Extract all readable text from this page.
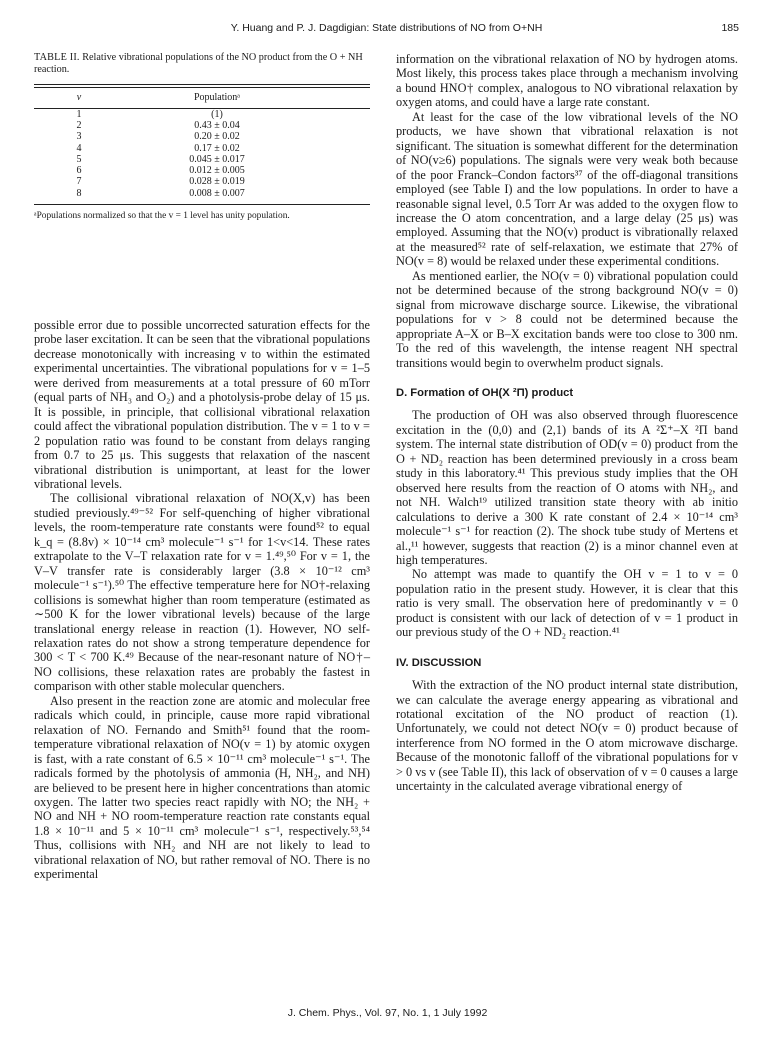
Y. Huang and P. J. Dagdigian: State distributions of NO from O+NH	185

TABLE II. Relative vibrational populations of the NO product from the O + NH reaction.

v	Populationᵃ
1	(1)
2	0.43 ± 0.04
3	0.20 ± 0.02
4	0.17 ± 0.02
5	0.045 ± 0.017
6	0.012 ± 0.005
7	0.028 ± 0.019
8	0.008 ± 0.007

ᵃPopulations normalized so that the v = 1 level has unity population.

possible error due to possible uncorrected saturation effects for the probe laser excitation. It can be seen that the vibrational populations decrease monotonically with increasing v to within the estimated experimental uncertainties. The vibrational populations for v = 1–5 were derived from measurements at a total pressure of 60 mTorr (equal parts of NH₃ and O₂) and a photolysis-probe delay of 15 μs. It is possible, in principle, that collisional vibrational relaxation could affect the vibrational population distribution. The v = 1 to v = 2 population ratio was found to be constant from delays ranging from 0.7 to 25 μs. This suggests that relaxation of the nascent vibrational distribution is unimportant, at least for the lower vibrational levels.

The collisional vibrational relaxation of NO(X,v) has been studied previously.⁴⁹⁻⁵² For self-quenching of higher vibrational levels, the room-temperature rate constants were found⁵² to equal k_q = (8.8v) × 10⁻¹⁴ cm³ molecule⁻¹ s⁻¹ for 1<v<14. These rates extrapolate to the V–T relaxation rate for v = 1.⁴⁹,⁵⁰ For v = 1, the V–V transfer rate is considerably larger (3.8 × 10⁻¹² cm³ molecule⁻¹ s⁻¹).⁵⁰ The effective temperature here for NO†-relaxing collisions is somewhat higher than room temperature (estimated as ∼500 K for the lower vibrational levels) because of the large translational energy release in reaction (1). However, NO self-relaxation rates do not show a strong temperature dependence for 300 < T < 700 K.⁴⁹ Because of the near-resonant nature of NO†–NO collisions, these relaxation rates are probably the fastest in comparison with other stable molecular quenchers.

Also present in the reaction zone are atomic and molecular free radicals which could, in principle, cause more rapid vibrational relaxation of NO. Fernando and Smith⁵¹ found that the room-temperature vibrational relaxation of NO(v = 1) by atomic oxygen is fast, with a rate constant of 6.5 × 10⁻¹¹ cm³ molecule⁻¹ s⁻¹. The radicals formed by the photolysis of ammonia (H, NH₂, and NH) are believed to be present here in higher concentrations than atomic oxygen. The latter two species react rapidly with NO; the NH₂ + NO and NH + NO room-temperature reaction rate constants equal 1.8 × 10⁻¹¹ and 5 × 10⁻¹¹ cm³ molecule⁻¹ s⁻¹, respectively.⁵³,⁵⁴ Thus, collisions with NH₂ and NH are not likely to lead to vibrational relaxation of NO, but rather removal of NO. There is no experimental

information on the vibrational relaxation of NO by hydrogen atoms. Most likely, this process takes place through a mechanism involving a bound HNO† complex, analogous to NO vibrational relaxation by oxygen atoms, and could have a large rate constant.

At least for the case of the low vibrational levels of the NO products, we have shown that vibrational relaxation is not significant. The situation is somewhat different for the determination of NO(v≥6) populations. The signals were very weak both because of the poor Franck–Condon factors³⁷ of the off-diagonal transitions employed (see Table I) and the low populations. In order to have a reasonable signal level, 0.5 Torr Ar was added to the oxygen flow to increase the O atom concentration, and a large delay (25 μs) was employed. Assuming that the NO(v) product is vibrationally relaxed at the measured⁵² rate of self-relaxation, we estimate that 27% of NO(v = 8) would be relaxed under these experimental conditions.

As mentioned earlier, the NO(v = 0) vibrational population could not be determined because of the strong background NO(v = 0) signal from microwave discharge source. Likewise, the vibrational populations for v > 8 could not be determined because the appropriate A–X or B–X excitation bands were too close to 300 nm. To the red of this wavelength, the intense reagent NH spectral transitions would begin to overwhelm product signals.

D. Formation of OH(X ²Π) product

The production of OH was also observed through fluorescence excitation in the (0,0) and (2,1) bands of its A ²Σ⁺–X ²Π band system. The internal state distribution of OD(v = 0) product from the O + ND₂ reaction has been determined previously in a cross beam study in this laboratory.⁴¹ This previous study implies that the OH observed here results from the reaction of O atoms with NH₂, and not NH. Walch¹⁹ utilized transition state theory with ab initio calculations to derive a 300 K rate constant of 2.4 × 10⁻¹⁴ cm³ molecule⁻¹ s⁻¹ for reaction (2). The shock tube study of Mertens et al.,¹¹ however, suggests that reaction (2) is a minor channel even at high temperatures.

No attempt was made to quantify the OH v = 1 to v = 0 population ratio in the present study. However, it is clear that this ratio is very small. The observation here of predominantly v = 0 product is consistent with our lack of detection of v = 1 product in our previous study of the O + ND₂ reaction.⁴¹

IV. DISCUSSION

With the extraction of the NO product internal state distribution, we can calculate the average energy appearing as vibrational and rotational excitation of the NO product of reaction (1). Unfortunately, we could not detect NO(v = 0) product because of interference from NO formed in the O atom microwave discharge. Because of the monotonic falloff of the vibrational populations for v > 0 vs v (see Table II), this lack of observation of v = 0 causes a large uncertainty in the calculated average vibrational energy of

J. Chem. Phys., Vol. 97, No. 1, 1 July 1992
